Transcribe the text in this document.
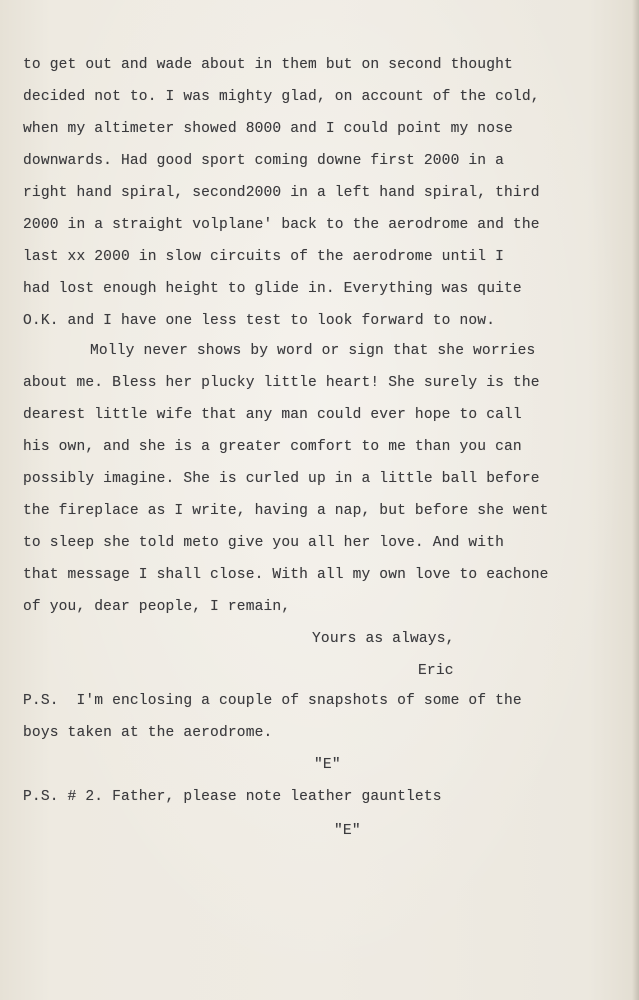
to get out and wade about in them but on second thought
decided not to. I was mighty glad, on account of the cold,
when my altimeter showed 8000 and I could point my nose
downwards. Had good sport coming downe first 2000 in a
right hand spiral, second2000 in a left hand spiral, third
2000 in a straight volplane' back to the aerodrome and the
last xx 2000 in slow circuits of the aerodrome until I
had lost enough height to glide in. Everything was quite
O.K. and I have one less test to look forward to now.
Molly never shows by word or sign that she worries
about me. Bless her plucky little heart! She surely is the
dearest little wife that any man could ever hope to call
his own, and she is a greater comfort to me than you can
possibly imagine. She is curled up in a little ball before
the fireplace as I write, having a nap, but before she went
to sleep she told meto give you all her love. And with
that message I shall close. With all my own love to eachone
of you, dear people, I remain,
Yours as always,
Eric
P.S.  I'm enclosing a couple of snapshots of some of the
boys taken at the aerodrome.
"E"
P.S. # 2. Father, please note leather gauntlets
"E"
